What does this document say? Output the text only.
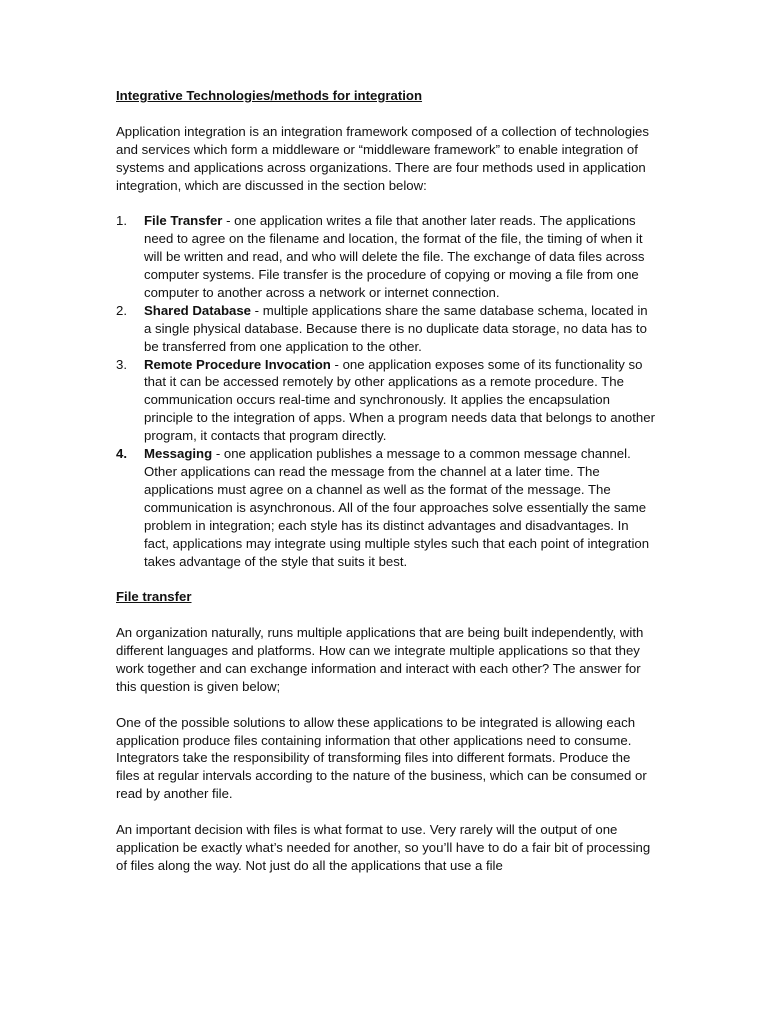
Integrative Technologies/methods for integration

Application integration is an integration framework composed of a collection of technologies and services which form a middleware or “middleware framework” to enable integration of systems and applications across organizations. There are four methods used in application integration, which are discussed in the section below:

1. File Transfer - one application writes a file that another later reads. The applications need to agree on the filename and location, the format of the file, the timing of when it will be written and read, and who will delete the file. The exchange of data files across computer systems. File transfer is the procedure of copying or moving a file from one computer to another across a network or internet connection.
2. Shared Database - multiple applications share the same database schema, located in a single physical database. Because there is no duplicate data storage, no data has to be transferred from one application to the other.
3. Remote Procedure Invocation - one application exposes some of its functionality so that it can be accessed remotely by other applications as a remote procedure. The communication occurs real-time and synchronously. It applies the encapsulation principle to the integration of apps. When a program needs data that belongs to another program, it contacts that program directly.
4. Messaging - one application publishes a message to a common message channel. Other applications can read the message from the channel at a later time. The applications must agree on a channel as well as the format of the message. The communication is asynchronous. All of the four approaches solve essentially the same problem in integration; each style has its distinct advantages and disadvantages. In fact, applications may integrate using multiple styles such that each point of integration takes advantage of the style that suits it best.

File transfer

An organization naturally, runs multiple applications that are being built independently, with different languages and platforms. How can we integrate multiple applications so that they work together and can exchange information and interact with each other? The answer for this question is given below;

One of the possible solutions to allow these applications to be integrated is allowing each application produce files containing information that other applications need to consume. Integrators take the responsibility of transforming files into different formats. Produce the files at regular intervals according to the nature of the business, which can be consumed or read by another file.

An important decision with files is what format to use. Very rarely will the output of one application be exactly what’s needed for another, so you’ll have to do a fair bit of processing of files along the way. Not just do all the applications that use a file
